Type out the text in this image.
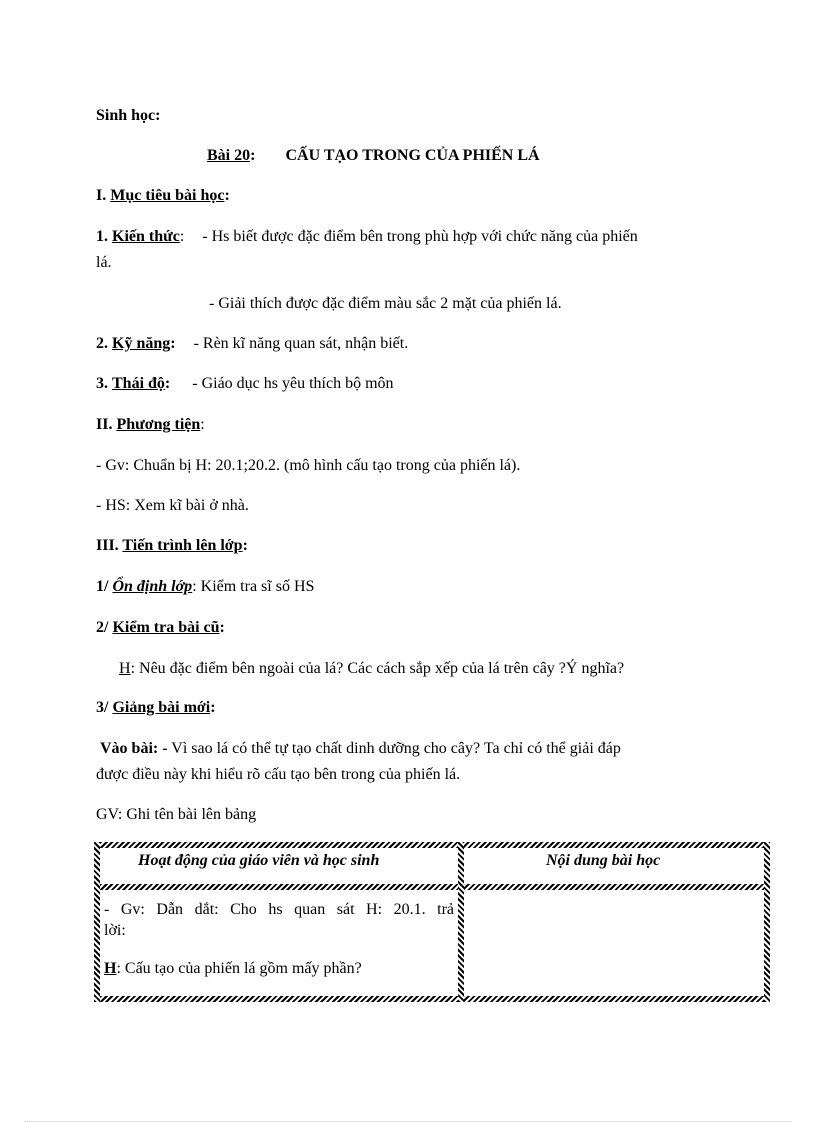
Sinh học:
Bài 20: CẤU TẠO TRONG CỦA PHIẾN LÁ
I. Mục tiêu bài học:
1. Kiến thức: - Hs biết được đặc điểm bên trong phù hợp với chức năng của phiến
lá.
- Giải thích được đặc điểm màu sắc 2 mặt của phiến lá.
2. Kỹ năng: - Rèn kĩ năng quan sát, nhận biết.
3. Thái độ: - Giáo dục hs yêu thích bộ môn
II. Phương tiện:
- Gv: Chuẩn bị H: 20.1;20.2. (mô hình cấu tạo trong của phiến lá).
- HS: Xem kĩ bài ở nhà.
III. Tiến trình lên lớp:
1/ Ổn định lớp: Kiểm tra sĩ số HS
2/ Kiểm tra bài cũ:
H: Nêu đặc điểm bên ngoài của lá? Các cách sắp xếp của lá trên cây ?Ý nghĩa?
3/ Giảng bài mới:
Vào bài: - Vì sao lá có thể tự tạo chất dinh dưỡng cho cây? Ta chỉ có thể giải đáp
được điều này khi hiểu rõ cấu tạo bên trong của phiến lá.
GV: Ghi tên bài lên bảng
Hoạt động của giáo viên và học sinh	Nội dung bài học
- Gv: Dẫn dắt: Cho hs quan sát H: 20.1. trả
lời:
H: Cấu tạo của phiến lá gồm mấy phần?
